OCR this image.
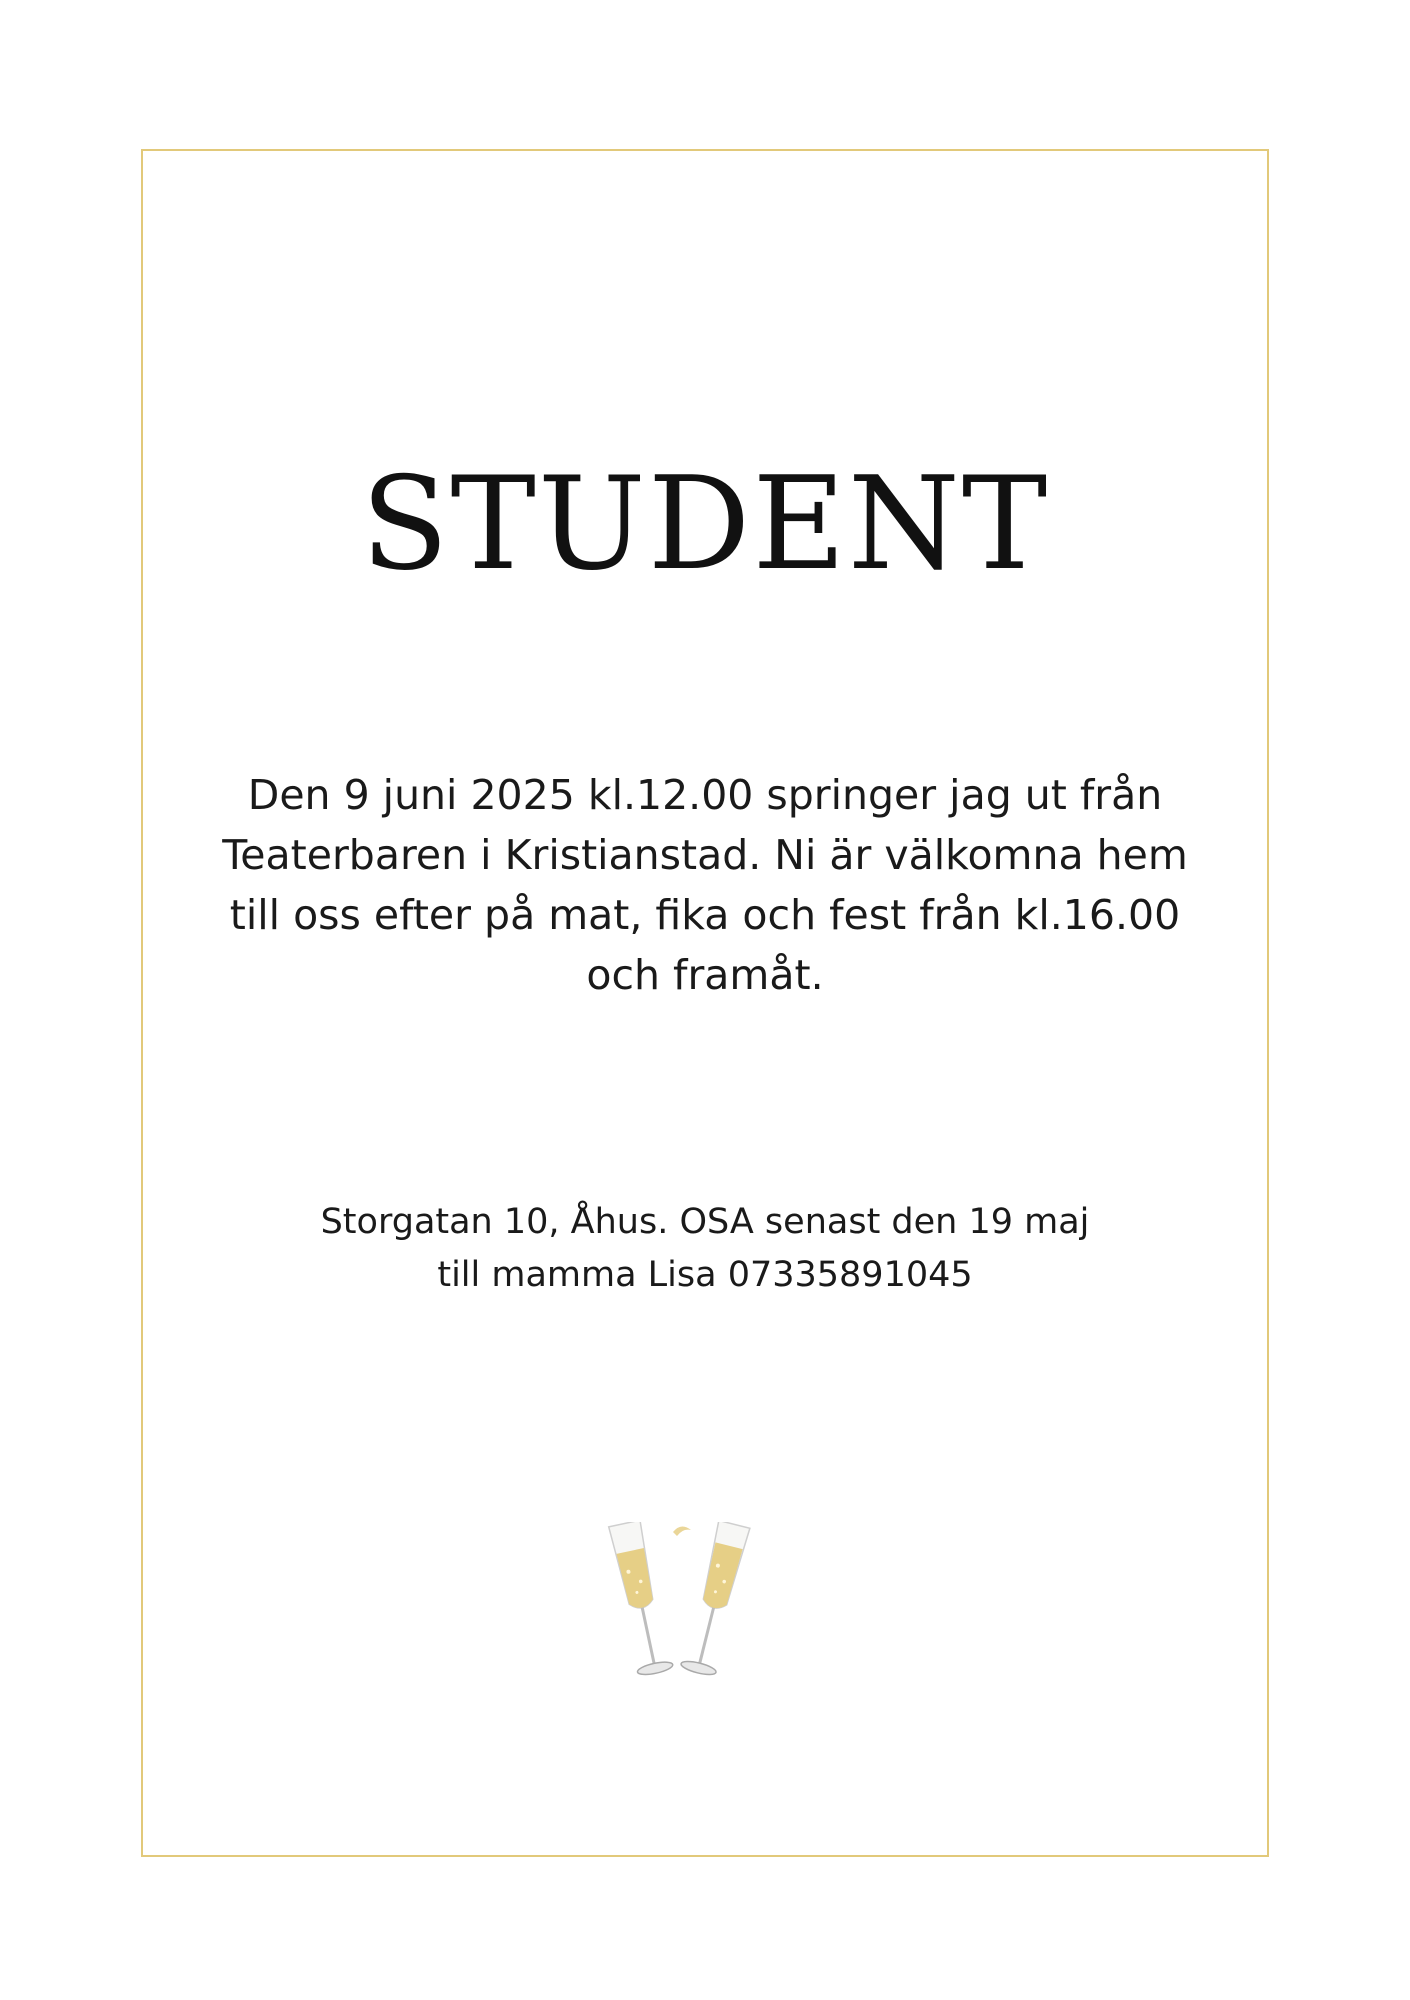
STUDENT

Den 9 juni 2025 kl.12.00 springer jag ut från Teaterbaren i Kristianstad. Ni är välkomna hem till oss efter på mat, fika och fest från kl.16.00 och framåt.

Storgatan 10, Åhus. OSA senast den 19 maj till mamma Lisa 07335891045
